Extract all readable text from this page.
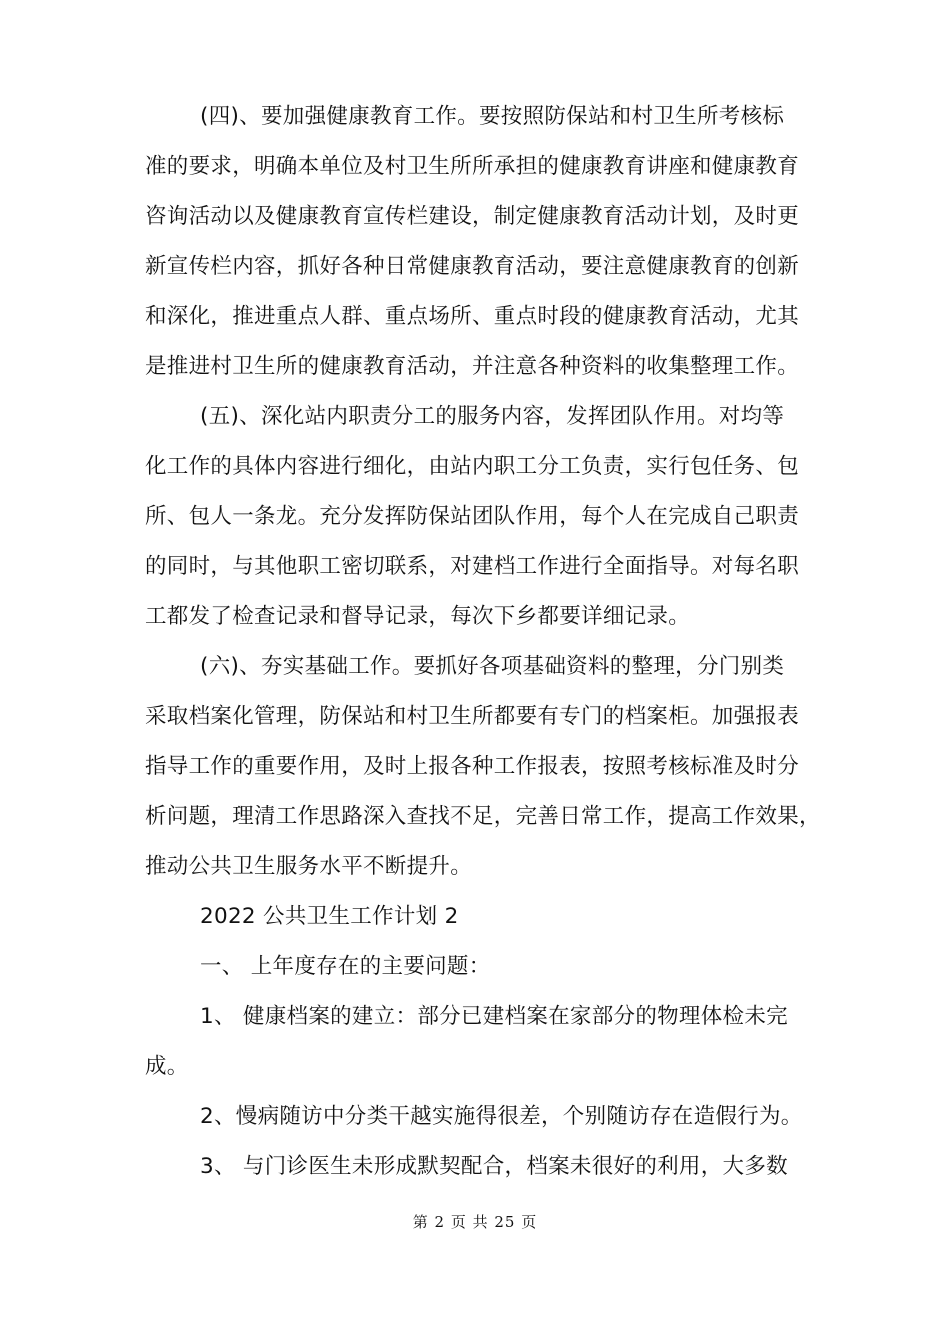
(四)、要加强健康教育工作。要按照防保站和村卫生所考核标
准的要求，明确本单位及村卫生所所承担的健康教育讲座和健康教育
咨询活动以及健康教育宣传栏建设，制定健康教育活动计划，及时更
新宣传栏内容，抓好各种日常健康教育活动，要注意健康教育的创新
和深化，推进重点人群、重点场所、重点时段的健康教育活动，尤其
是推进村卫生所的健康教育活动，并注意各种资料的收集整理工作。
(五)、深化站内职责分工的服务内容，发挥团队作用。对均等
化工作的具体内容进行细化，由站内职工分工负责，实行包任务、包
所、包人一条龙。充分发挥防保站团队作用，每个人在完成自己职责
的同时，与其他职工密切联系，对建档工作进行全面指导。对每名职
工都发了检查记录和督导记录，每次下乡都要详细记录。
(六)、夯实基础工作。要抓好各项基础资料的整理，分门别类
采取档案化管理，防保站和村卫生所都要有专门的档案柜。加强报表
指导工作的重要作用，及时上报各种工作报表，按照考核标准及时分
析问题，理清工作思路深入查找不足，完善日常工作，提高工作效果，
推动公共卫生服务水平不断提升。
2022 公共卫生工作计划 2
一、 上年度存在的主要问题：
1、 健康档案的建立：部分已建档案在家部分的物理体检未完
成。
2、慢病随访中分类干越实施得很差，个别随访存在造假行为。
3、 与门诊医生未形成默契配合，档案未很好的利用，大多数
第 2 页 共 25 页
